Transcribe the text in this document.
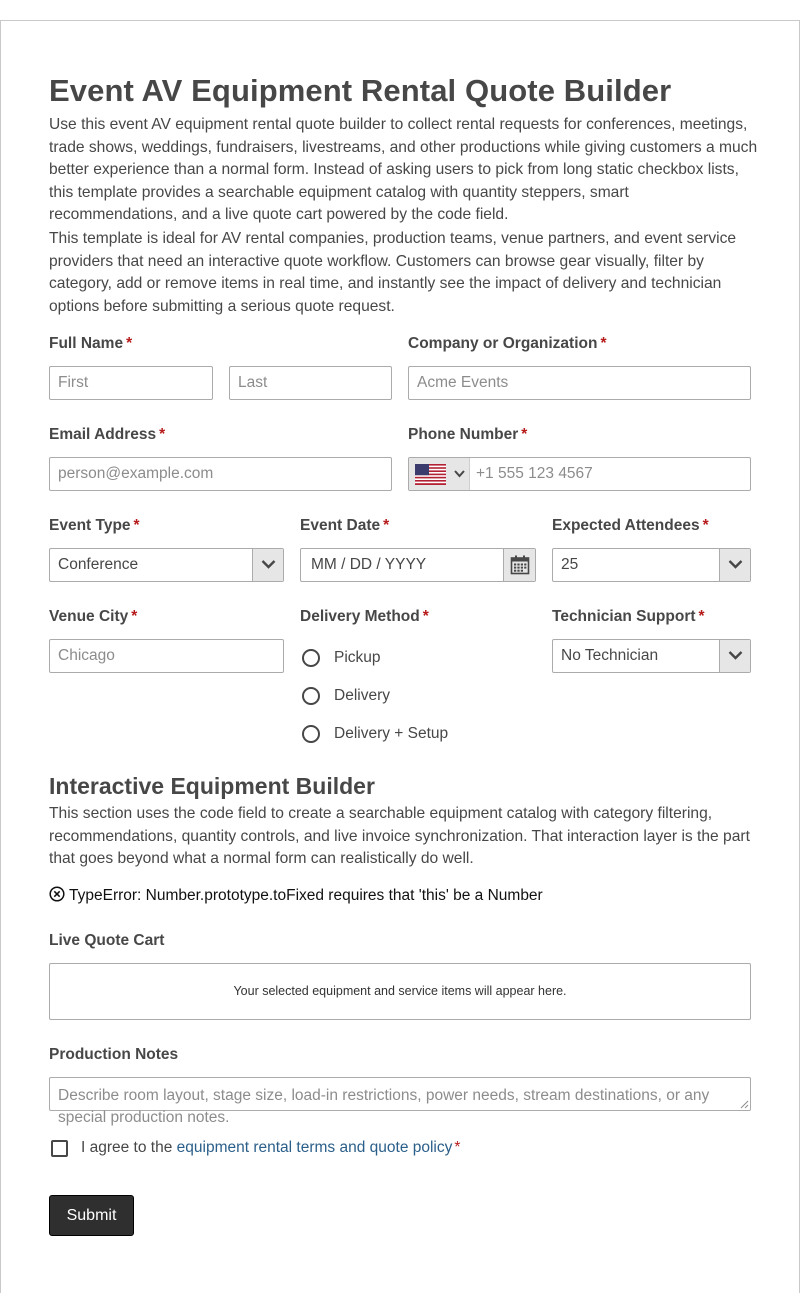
Event AV Equipment Rental Quote Builder
Use this event AV equipment rental quote builder to collect rental requests for conferences, meetings, trade shows, weddings, fundraisers, livestreams, and other productions while giving customers a much better experience than a normal form. Instead of asking users to pick from long static checkbox lists, this template provides a searchable equipment catalog with quantity steppers, smart recommendations, and a live quote cart powered by the code field.
This template is ideal for AV rental companies, production teams, venue partners, and event service providers that need an interactive quote workflow. Customers can browse gear visually, filter by category, add or remove items in real time, and instantly see the impact of delivery and technician options before submitting a serious quote request.
Full Name *
First	Last
Company or Organization *
Acme Events
Email Address *
person@example.com
Phone Number *
+1 555 123 4567
Event Type *
Conference
Event Date *
MM / DD / YYYY
Expected Attendees *
25
Venue City *
Chicago
Delivery Method *
Pickup
Delivery
Delivery + Setup
Technician Support *
No Technician
Interactive Equipment Builder
This section uses the code field to create a searchable equipment catalog with category filtering, recommendations, quantity controls, and live invoice synchronization. That interaction layer is the part that goes beyond what a normal form can realistically do well.
TypeError: Number.prototype.toFixed requires that 'this' be a Number
Live Quote Cart
Your selected equipment and service items will appear here.
Production Notes
Describe room layout, stage size, load-in restrictions, power needs, stream destinations, or any special production notes.
I agree to the equipment rental terms and quote policy *
Submit
